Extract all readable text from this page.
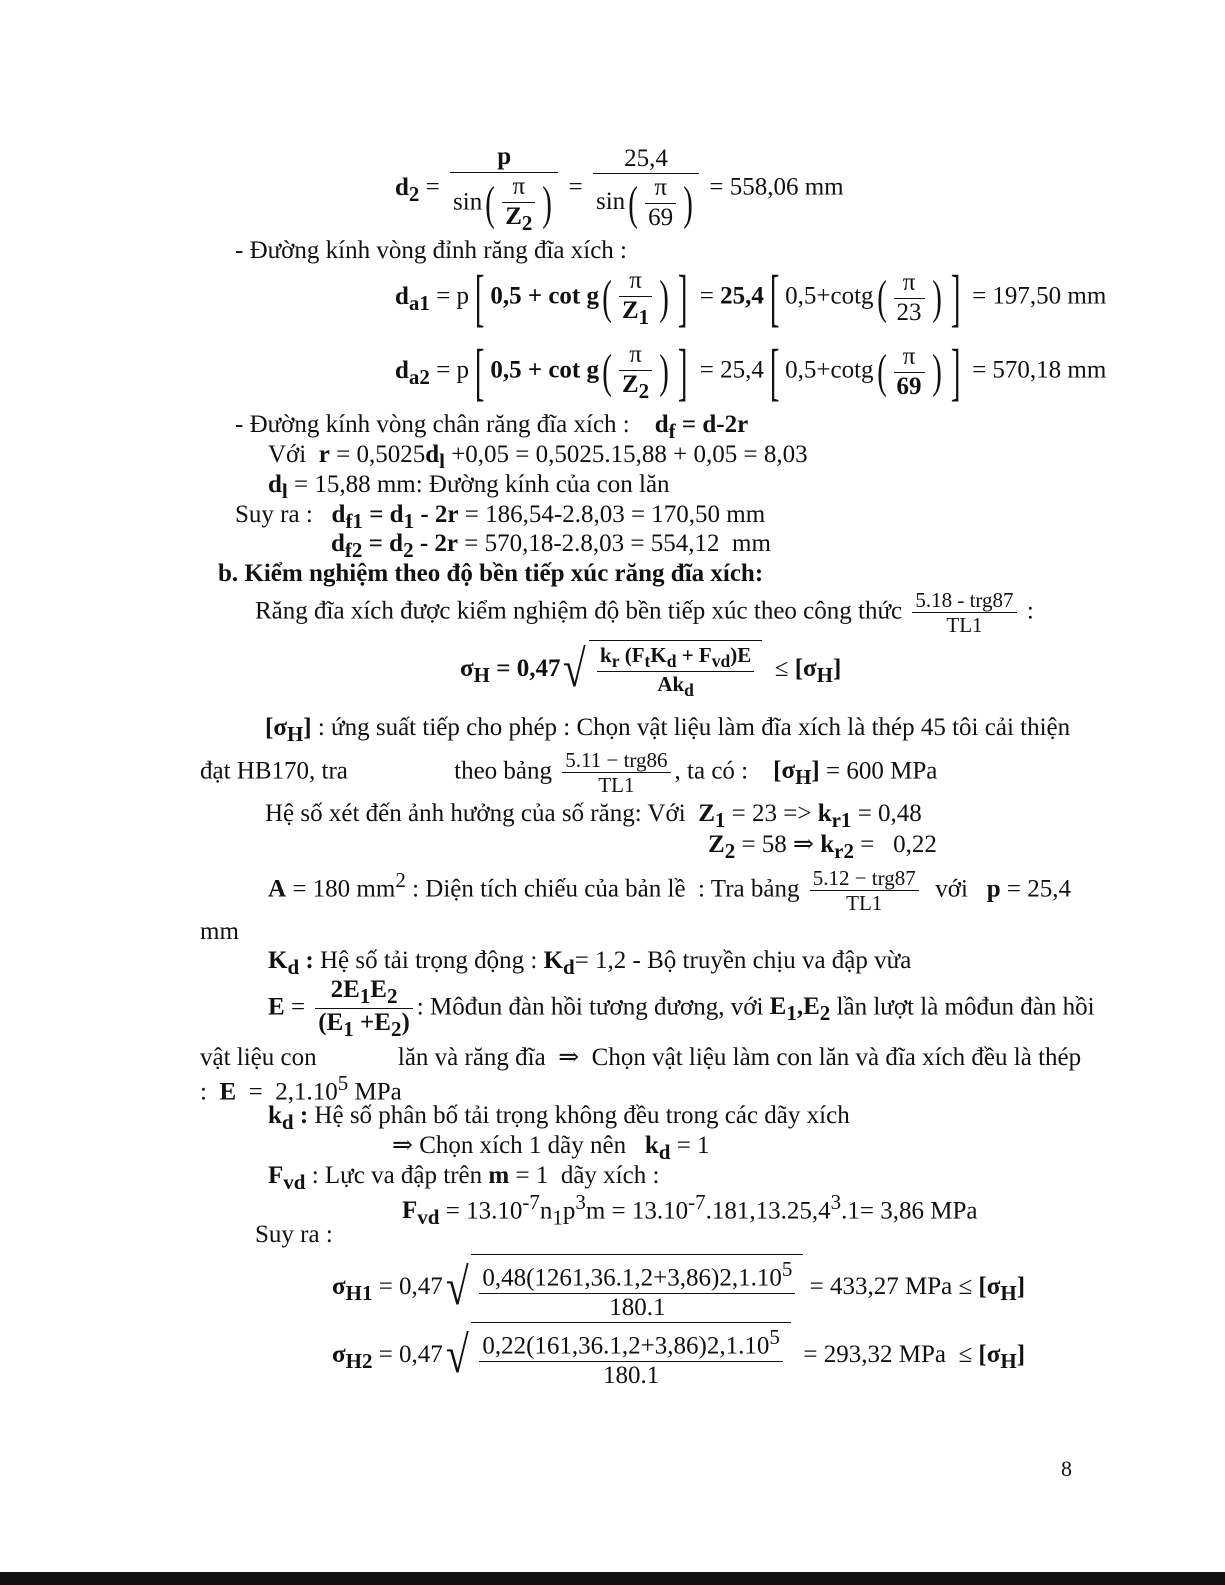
$d_2 = \frac{p}{\sin( \frac{\pi}{Z_2} )} = \frac{25,4}{\sin( \frac{\pi}{69} )} = 558,06$ mm
- Đường kính vòng đỉnh răng đĩa xích :
$d_{a1} = p$[ $0,5 + \cot g( \frac{\pi}{Z_1}$ ) ] = 25,4[ $0,5+\cot g( \frac{\pi}{23}$ ) ] = 197,50 mm
$d_{a2} = p$[ $0,5 + \cot g( \frac{\pi}{Z_2}$ ) ] = 25,4[ $0,5+\cot g( \frac{\pi}{69}$ ) ] = 570,18 mm
- Đường kính vòng chân răng đĩa xích :    $d_f = d-2r$
Với  $r = 0,5025d_l +0,05 = 0,5025.15,88 + 0,05 = 8,03$
$d_l = 15,88$ mm: Đường kính của con lăn
Suy ra :   $d_{f1} = d_1 - 2r = 186,54-2.8,03 = 170,50$ mm
$d_{f2} = d_2 - 2r = 570,18-2.8,03 = 554,12$  mm
b. Kiểm nghiệm theo độ bền tiếp xúc răng đĩa xích:
Răng đĩa xích được kiểm nghiệm độ bền tiếp xúc theo công thức $\frac{\text{5.18 - trg87}}{TL1}$ :
$\sigma_H = 0,47√ \frac{k_r (F_tK_d + F_{vd})E}{Ak_d} \le [\sigma_H]$
$[\sigma_H]$ : ứng suất tiếp cho phép : Chọn vật liệu làm đĩa xích là thép 45 tôi cải thiện
đạt HB170, tra                 theo bảng $\frac{\text{5.11 − trg86}}{TL1}$ , ta có :    $[\sigma_H] = 600$ MPa
Hệ số xét đến ảnh hưởng của số răng: Với  $Z_1 = 23 => k_{r1} = 0,48$
$Z_2 = 58$ ⇒ $k_{r2} = 0,22$
A = 180 $mm^2$ : Diện tích chiếu của bản lề  : Tra bảng $\frac{\text{5.12 − trg87}}{TL1}$ với   p = 25,4
mm
$K_d$ : Hệ số tải trọng động : $K_d= 1,2$ - Bộ truyền chịu va đập vừa
$E = \frac{2E_1E_2}{(E_1 +E_2)}$ : Môđun đàn hồi tương đương, với $E_1,E_2$ lần lượt là môđun đàn hồi
vật liệu con             lăn và răng đĩa  ⇒  Chọn vật liệu làm con lăn và đĩa xích đều là thép
:  E  =  2,1.10$^5$ MPa
$k_d$ : Hệ số phân bố tải trọng không đều trong các dãy xích
⇒ Chọn xích 1 dãy nên   $k_d = 1$
$F_{vd}$ : Lực va đập trên m = 1  dãy xích :
$F_{vd} = 13.10^{-7}n_1p^3m = 13.10^{-7}.181,13.25,4^3.1= 3,86$ MPa
Suy ra :
$\sigma_{H1} = 0,47√ \frac{0,48(1261,36.1,2+3,86)2,1.10^5}{180.1} = 433,27$ MPa ≤ $[\sigma_H]$
$\sigma_{H2} = 0,47√ \frac{0,22(161,36.1,2+3,86)2,1.10^5}{180.1} = 293,32$ MPa  ≤ $[\sigma_H]$
8
